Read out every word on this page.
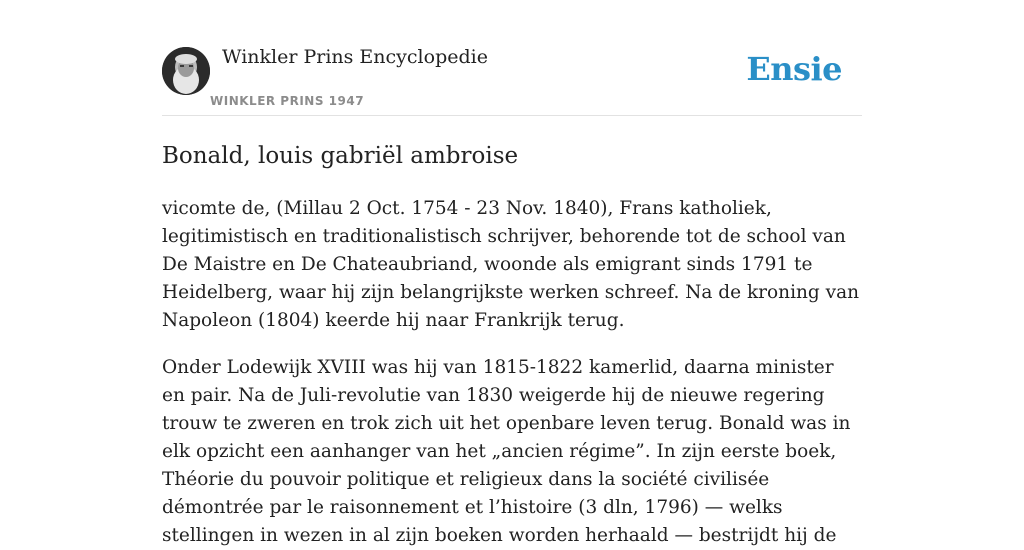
Winkler Prins Encyclopedie
WINKLER PRINS 1947
Ensie
Bonald, louis gabriël ambroise

vicomte de, (Millau 2 Oct. 1754 - 23 Nov. 1840), Frans katholiek, legitimistisch en traditionalistisch schrijver, behorende tot de school van De Maistre en De Chateaubriand, woonde als emigrant sinds 1791 te Heidelberg, waar hij zijn belangrijkste werken schreef. Na de kroning van Napoleon (1804) keerde hij naar Frankrijk terug.

Onder Lodewijk XVIII was hij van 1815-1822 kamerlid, daarna minister en pair. Na de Juli-revolutie van 1830 weigerde hij de nieuwe regering trouw te zweren en trok zich uit het openbare leven terug. Bonald was in elk opzicht een aanhanger van het „ancien régime”. In zijn eerste boek, Théorie du pouvoir politique et religieux dans la société civilisée démontrée par le raisonnement et l’histoire (3 dln, 1796) — welks stellingen in wezen in al zijn boeken worden herhaald — bestrijdt hij de
